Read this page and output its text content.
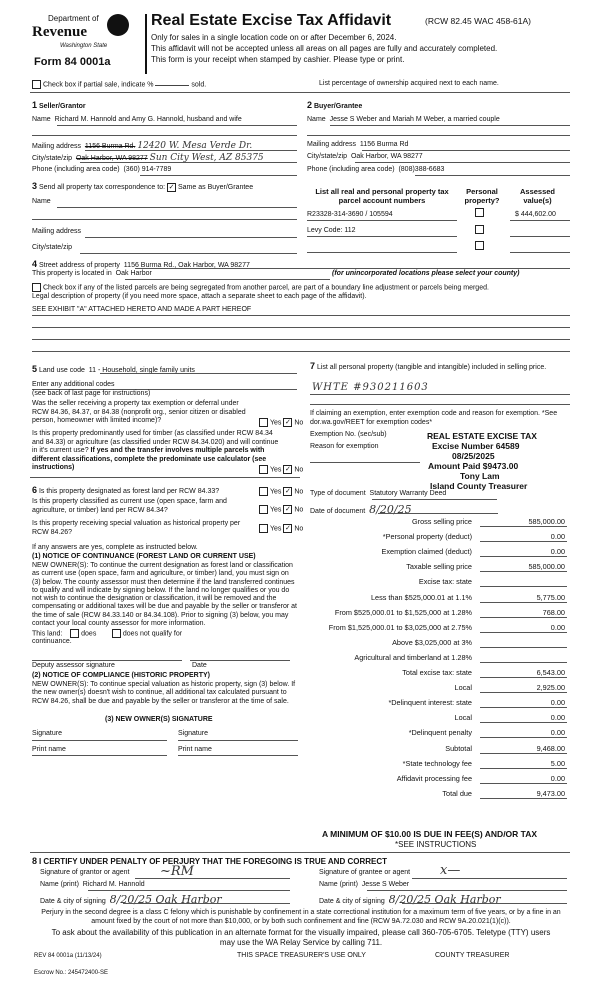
Department of
Revenue
Washington State
Form 84 0001a
Real Estate Excise Tax Affidavit	(RCW 82.45 WAC 458-61A)
Only for sales in a single location code on or after December 6, 2024.
This affidavit will not be accepted unless all areas on all pages are fully and accurately completed.
This form is your receipt when stamped by cashier. Please type or print.
Check box if partial sale, indicate %	sold.	List percentage of ownership acquired next to each name.
1 Seller/Grantor
Name Richard M. Hannold and Amy G. Hannold, husband and wife
Mailing address 1156 Burma Rd. 12420 W. Mesa Verde Dr.
City/state/zip Oak Harbor, WA 98277 Sun City West, AZ 85375
Phone (including area code) (360) 914-7789
2 Buyer/Grantee
Name Jesse S Weber and Mariah M Weber, a married couple
Mailing address 1156 Burma Rd
City/state/zip Oak Harbor, WA 98277
Phone (including area code) (808)388-6683
3 Send all property tax correspondence to: ✓ Same as Buyer/Grantee
Name
Mailing address
City/state/zip
List all real and personal property tax parcel account numbers
Personal property?
Assessed value(s)
R23328-314-3690 / 105594	$ 444,602.00
Levy Code: 112
4 Street address of property 1156 Burma Rd., Oak Harbor, WA 98277
This property is located in Oak Harbor	(for unincorporated locations please select your county)
Check box if any of the listed parcels are being segregated from another parcel, are part of a boundary line adjustment or parcels being merged.
Legal description of property (if you need more space, attach a separate sheet to each page of the affidavit).
SEE EXHIBIT "A" ATTACHED HERETO AND MADE A PART HEREOF
5 Land use code 11 - Household, single family units
Enter any additional codes
(see back of last page for instructions)
Was the seller receiving a property tax exemption or deferral under RCW 84.36, 84.37, or 84.38 (nonprofit org., senior citizen or disabled person, homeowner with limited income)?	Yes ✓ No
Is this property predominantly used for timber (as classified under RCW 84.34 and 84.33) or agriculture (as classified under RCW 84.34.020) and will continue in it's current use? If yes and the transfer involves multiple parcels with different classifications, complete the predominate use calculator (see instructions)	Yes ✓ No
6 Is this property designated as forest land per RCW 84.33?	Yes ✓ No
Is this property classified as current use (open space, farm and agriculture, or timber) land per RCW 84.34?	Yes ✓ No
Is this property receiving special valuation as historical property per RCW 84.26?	Yes ✓ No
If any answers are yes, complete as instructed below.
(1) NOTICE OF CONTINUANCE (FOREST LAND OR CURRENT USE)
NEW OWNER(S): To continue the current designation as forest land or classification as current use (open space, farm and agriculture, or timber) land, you must sign on (3) below. The county assessor must then determine if the land transferred continues to qualify and will indicate by signing below. If the land no longer qualifies or you do not wish to continue the designation or classification, it will be removed and the compensating or additional taxes will be due and payable by the seller or transferor at the time of sale (RCW 84.33.140 or 84.34.108). Prior to signing (3) below, you may contact your local county assessor for more information.
This land:	does	does not qualify for
continuance.
Deputy assessor signature	Date
(2) NOTICE OF COMPLIANCE (HISTORIC PROPERTY)
NEW OWNER(S): To continue special valuation as historic property, sign (3) below. If the new owner(s) doesn't wish to continue, all additional tax calculated pursuant to RCW 84.26, shall be due and payable by the seller or transferor at the time of sale.
(3) NEW OWNER(S) SIGNATURE
Signature	Signature
Print name	Print name
7 List all personal property (tangible and intangible) included in selling price.
WHTE #930211603
If claiming an exemption, enter exemption code and reason for exemption. *See dor.wa.gov/REET for exemption codes*
Exemption No. (sec/sub)
Reason for exemption
REAL ESTATE EXCISE TAX
Excise Number 64589
08/25/2025
Amount Paid $9473.00
Tony Lam
Island County Treasurer
Type of document Statutory Warranty Deed
Date of document 8/20/25
Gross selling price	585,000.00
*Personal property (deduct)	0.00
Exemption claimed (deduct)	0.00
Taxable selling price	585,000.00
Excise tax: state
Less than $525,000.01 at 1.1%	5,775.00
From $525,000.01 to $1,525,000 at 1.28%	768.00
From $1,525,000.01 to $3,025,000 at 2.75%	0.00
Above $3,025,000 at 3%
Agricultural and timberland at 1.28%
Total excise tax: state	6,543.00
Local	2,925.00
*Delinquent interest: state	0.00
Local	0.00
*Delinquent penalty	0.00
Subtotal	9,468.00
*State technology fee	5.00
Affidavit processing fee	0.00
Total due	9,473.00
A MINIMUM OF $10.00 IS DUE IN FEE(S) AND/OR TAX
*SEE INSTRUCTIONS
8 I CERTIFY UNDER PENALTY OF PERJURY THAT THE FOREGOING IS TRUE AND CORRECT
Signature of grantor or agent ~RM	Signature of grantee or agent x—
Name (print) Richard M. Hannold	Name (print) Jesse S Weber
Date & city of signing 8/20/25 Oak Harbor	Date & city of signing 8/20/25 Oak Harbor
Perjury in the second degree is a class C felony which is punishable by confinement in a state correctional institution for a maximum term of five years, or by a fine in an amount fixed by the court of not more than $10,000, or by both such confinement and fine (RCW 9A.72.030 and RCW 9A.20.021(1)(c)).
To ask about the availability of this publication in an alternate format for the visually impaired, please call 360-705-6705. Teletype (TTY) users may use the WA Relay Service by calling 711.
REV 84 0001a (11/13/24)	THIS SPACE TREASURER'S USE ONLY	COUNTY TREASURER
Escrow No.: 245472400-SE
